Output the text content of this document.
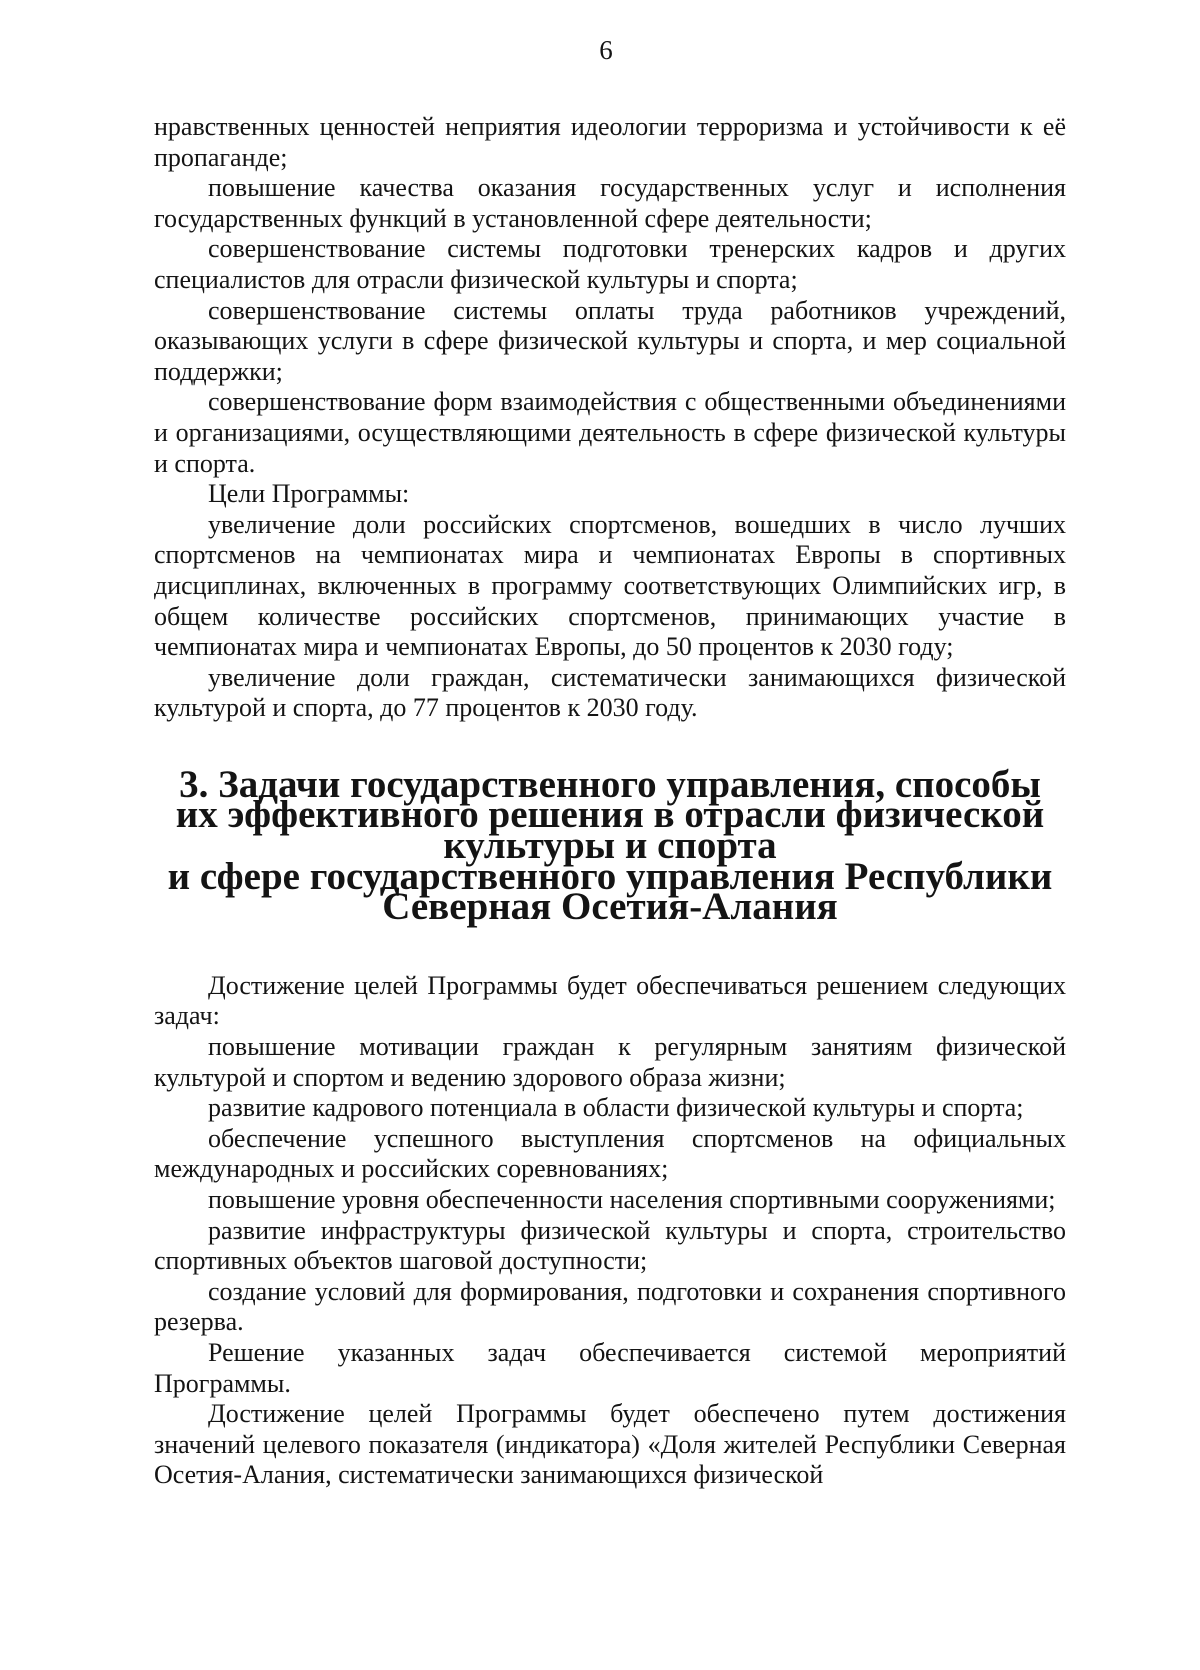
6

нравственных ценностей неприятия идеологии терроризма и устойчивости к её пропаганде;

повышение качества оказания государственных услуг и исполнения государственных функций в установленной сфере деятельности;

совершенствование системы подготовки тренерских кадров и других специалистов для отрасли физической культуры и спорта;

совершенствование системы оплаты труда работников учреждений, оказывающих услуги в сфере физической культуры и спорта, и мер социальной поддержки;

совершенствование форм взаимодействия с общественными объединениями и организациями, осуществляющими деятельность в сфере физической культуры и спорта.

Цели Программы:

увеличение доли российских спортсменов, вошедших в число лучших спортсменов на чемпионатах мира и чемпионатах Европы в спортивных дисциплинах, включенных в программу соответствующих Олимпийских игр, в общем количестве российских спортсменов, принимающих участие в чемпионатах мира и чемпионатах Европы, до 50 процентов к 2030 году;

увеличение доли граждан, систематически занимающихся физической культурой и спорта, до 77 процентов к 2030 году.

3. Задачи государственного управления, способы
их эффективного решения в отрасли физической культуры и спорта
и сфере государственного управления Республики
Северная Осетия-Алания

Достижение целей Программы будет обеспечиваться решением следующих задач:

повышение мотивации граждан к регулярным занятиям физической культурой и спортом и ведению здорового образа жизни;

развитие кадрового потенциала в области физической культуры и спорта;

обеспечение успешного выступления спортсменов на официальных международных и российских соревнованиях;

повышение уровня обеспеченности населения спортивными сооружениями;

развитие инфраструктуры физической культуры и спорта, строительство спортивных объектов шаговой доступности;

создание условий для формирования, подготовки и сохранения спортивного резерва.

Решение указанных задач обеспечивается системой мероприятий Программы.

Достижение целей Программы будет обеспечено путем достижения значений целевого показателя (индикатора) «Доля жителей Республики Северная Осетия-Алания, систематически занимающихся физической
